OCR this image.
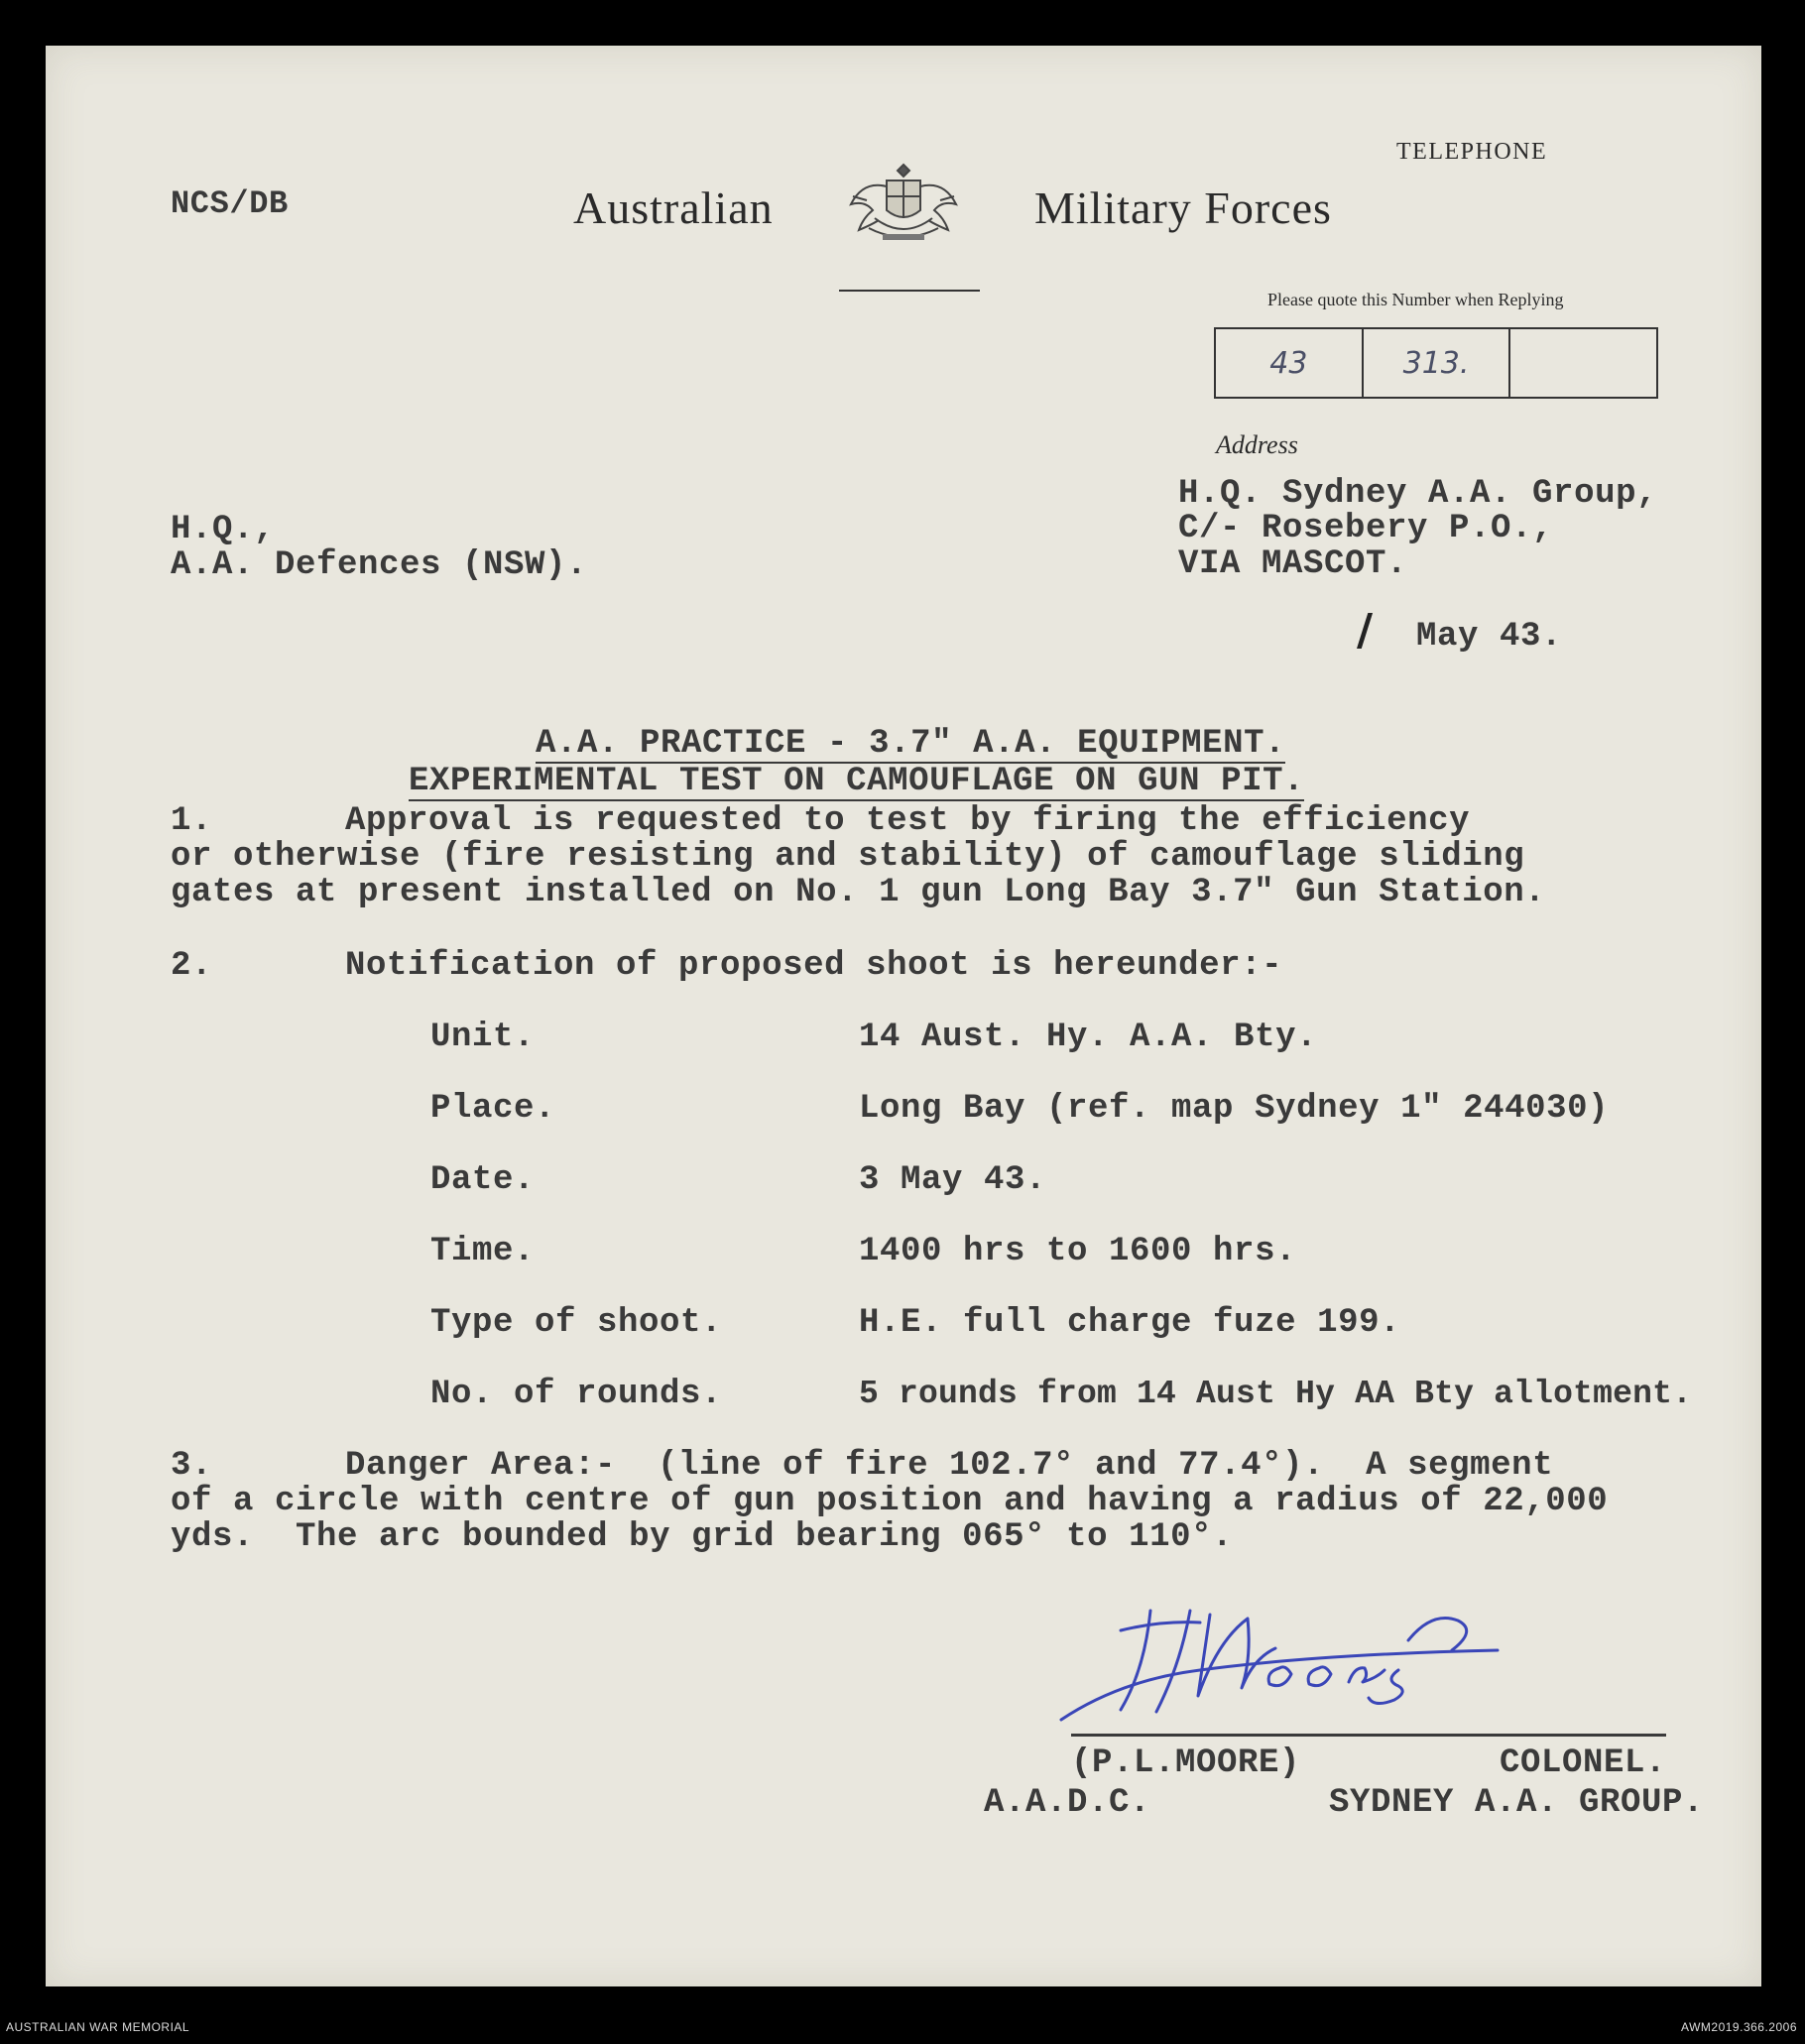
NCS/DB	Australian	Military Forces
TELEPHONE
Please quote this Number when Replying
43	313.
Address
H.Q. Sydney A.A. Group,
C/- Rosebery P.O.,
VIA MASCOT.
/ May 43.
H.Q.,
A.A. Defences (NSW).

A.A. PRACTICE - 3.7" A.A. EQUIPMENT.

EXPERIMENTAL TEST ON CAMOUFLAGE ON GUN PIT.

1.	Approval is requested to test by firing the efficiency
or otherwise (fire resisting and stability) of camouflage sliding
gates at present installed on No. 1 gun Long Bay 3.7" Gun Station.
2.	Notification of proposed shoot is hereunder:-
Unit.	14 Aust. Hy. A.A. Bty.
Place.	Long Bay (ref. map Sydney 1" 244030)
Date.	3 May 43.
Time.	1400 hrs to 1600 hrs.
Type of shoot.	H.E. full charge fuze 199.
No. of rounds.	5 rounds from 14 Aust Hy AA Bty allotment.
3.	Danger Area:-  (line of fire 102.7° and 77.4°).  A segment
of a circle with centre of gun position and having a radius of 22,000
yds.  The arc bounded by grid bearing 065° to 110°.
(P.L.MOORE)	COLONEL.
A.A.D.C.	SYDNEY A.A. GROUP.
AUSTRALIAN WAR MEMORIAL	AWM2019.366.2006
